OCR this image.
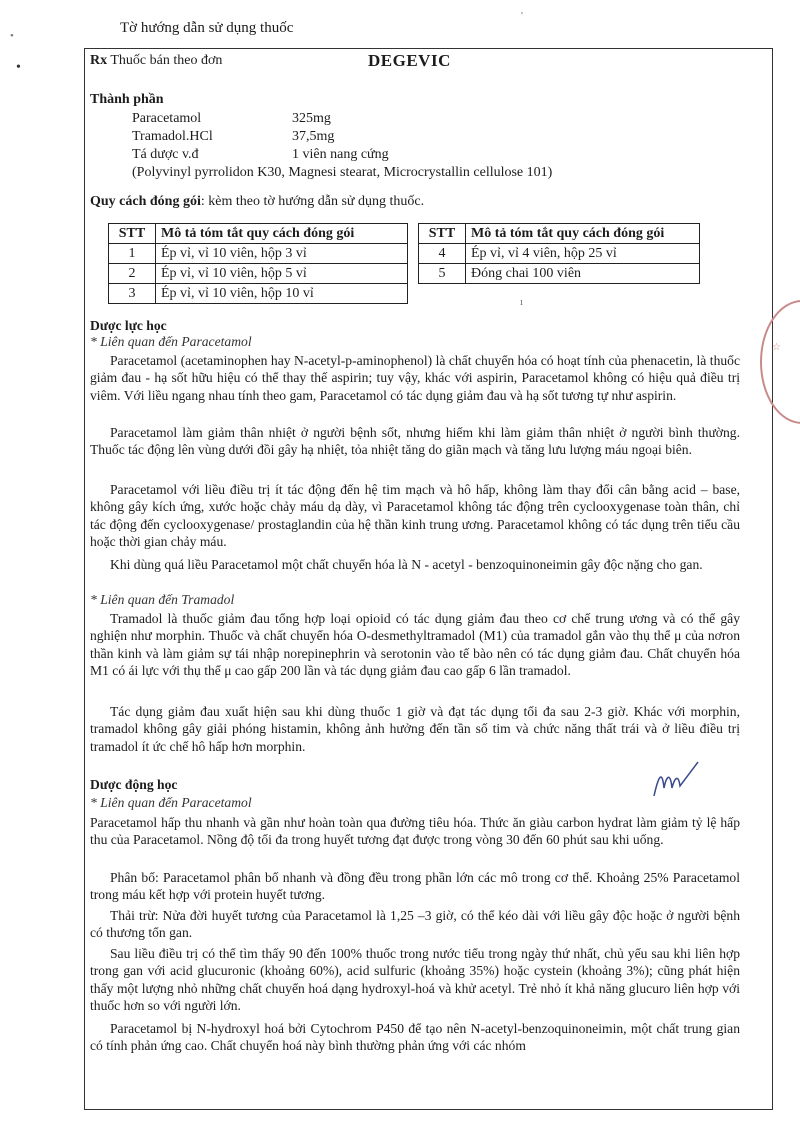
Tờ hướng dẫn sử dụng thuốc
'
•
•	Rx Thuốc bán theo đơn	DEGEVIC
Thành phần
Paracetamol	325mg
Tramadol.HCl	37,5mg
Tá dược v.đ	1 viên nang cứng
(Polyvinyl pyrrolidon K30, Magnesi stearat, Microcrystallin cellulose 101)
Quy cách đóng gói: kèm theo tờ hướng dẫn sử dụng thuốc.
STT	Mô tả tóm tắt quy cách đóng gói
1	Ép vỉ, vỉ 10 viên, hộp 3 vỉ
2	Ép vỉ, vỉ 10 viên, hộp 5 vỉ
3	Ép vỉ, vỉ 10 viên, hộp 10 vỉ
STT	Mô tả tóm tắt quy cách đóng gói
4	Ép vỉ, vỉ 4 viên, hộp 25 vỉ
5	Đóng chai 100 viên
ı
Dược lực học
* Liên quan đến Paracetamol

Paracetamol (acetaminophen hay N-acetyl-p-aminophenol) là chất chuyển hóa có hoạt tính của phenacetin, là thuốc giảm đau - hạ sốt hữu hiệu có thể thay thế aspirin; tuy vậy, khác với aspirin, Paracetamol không có hiệu quả điều trị viêm. Với liều ngang nhau tính theo gam, Paracetamol có tác dụng giảm đau và hạ sốt tương tự như aspirin.

Paracetamol làm giảm thân nhiệt ở người bệnh sốt, nhưng hiếm khi làm giảm thân nhiệt ở người bình thường. Thuốc tác động lên vùng dưới đồi gây hạ nhiệt, tỏa nhiệt tăng do giãn mạch và tăng lưu lượng máu ngoại biên.

Paracetamol với liều điều trị ít tác động đến hệ tim mạch và hô hấp, không làm thay đổi cân bằng acid – base, không gây kích ứng, xước hoặc chảy máu dạ dày, vì Paracetamol không tác động trên cyclooxygenase toàn thân, chỉ tác động đến cyclooxygenase/ prostaglandin của hệ thần kinh trung ương. Paracetamol không có tác dụng trên tiểu cầu hoặc thời gian chảy máu.

Khi dùng quá liều Paracetamol một chất chuyển hóa là N - acetyl - benzoquinoneimin gây độc nặng cho gan.

* Liên quan đến Tramadol

Tramadol là thuốc giảm đau tổng hợp loại opioid có tác dụng giảm đau theo cơ chế trung ương và có thể gây nghiện như morphin. Thuốc và chất chuyển hóa O-desmethyltramadol (M1) của tramadol gắn vào thụ thể μ của nơron thần kinh và làm giảm sự tái nhập norepinephrin và serotonin vào tế bào nên có tác dụng giảm đau. Chất chuyển hóa M1 có ái lực với thụ thể μ cao gấp 200 lần và tác dụng giảm đau cao gấp 6 lần tramadol.

Tác dụng giảm đau xuất hiện sau khi dùng thuốc 1 giờ và đạt tác dụng tối đa sau 2-3 giờ. Khác với morphin, tramadol không gây giải phóng histamin, không ảnh hưởng đến tần số tim và chức năng thất trái và ở liều điều trị tramadol ít ức chế hô hấp hơn morphin.

Dược động học
* Liên quan đến Paracetamol

Paracetamol hấp thu nhanh và gần như hoàn toàn qua đường tiêu hóa. Thức ăn giàu carbon hydrat làm giảm tỷ lệ hấp thu của Paracetamol. Nồng độ tối đa trong huyết tương đạt được trong vòng 30 đến 60 phút sau khi uống.

Phân bố: Paracetamol phân bố nhanh và đồng đều trong phần lớn các mô trong cơ thể. Khoảng 25% Paracetamol trong máu kết hợp với protein huyết tương.

Thải trừ: Nửa đời huyết tương của Paracetamol là 1,25 –3 giờ, có thể kéo dài với liều gây độc hoặc ở người bệnh có thương tổn gan.

Sau liều điều trị có thể tìm thấy 90 đến 100% thuốc trong nước tiểu trong ngày thứ nhất, chủ yếu sau khi liên hợp trong gan với acid glucuronic (khoảng 60%), acid sulfuric (khoảng 35%) hoặc cystein (khoảng 3%); cũng phát hiện thấy một lượng nhỏ những chất chuyển hoá dạng hydroxyl-hoá và khử acetyl. Trẻ nhỏ ít khả năng glucuro liên hợp với thuốc hơn so với người lớn.

Paracetamol bị N-hydroxyl hoá bởi Cytochrom P450 để tạo nên N-acetyl-benzoquinoneimin, một chất trung gian có tính phản ứng cao. Chất chuyển hoá này bình thường phản ứng với các nhóm

☆
